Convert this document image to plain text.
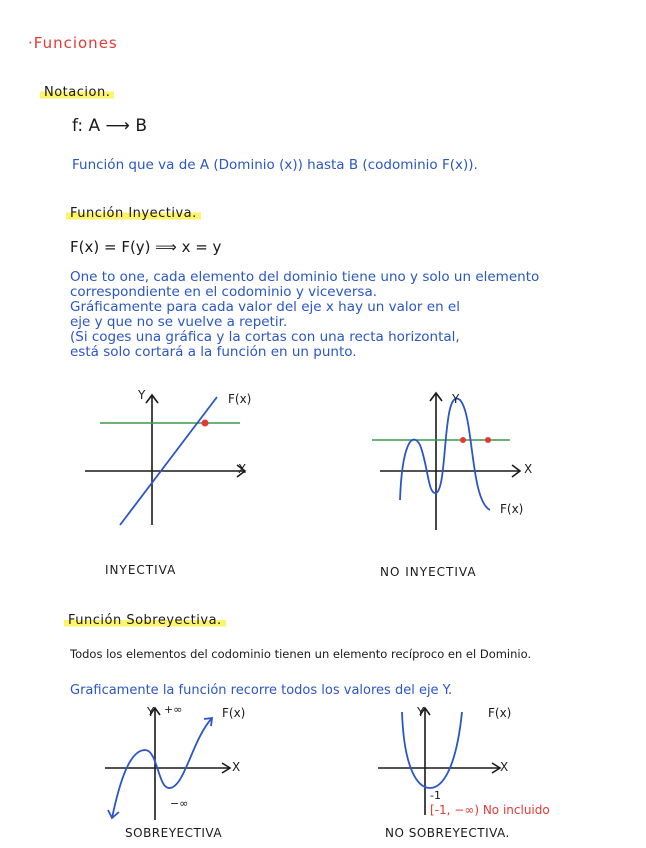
·Funciones
Notacion.
f: A ⟶ B
Función que va de A (Dominio (x)) hasta B (codominio F(x)).
Función Inyectiva.
F(x) = F(y) ⟹ x = y
One to one, cada elemento del dominio tiene uno y solo un elemento
correspondiente en el codominio y viceversa.
Gráficamente para cada valor del eje x hay un valor en el
eje y que no se vuelve a repetir.
(Si coges una gráfica y la cortas con una recta horizontal,
está solo cortará a la función en un punto.
Y	F(x)
X
INYECTIVA
Y
X
F(x)
NO INYECTIVA
Función Sobreyectiva.
Todos los elementos del codominio tienen un elemento recíproco en el Dominio.
Graficamente la función recorre todos los valores del eje Y.
Y +∞	F(x)
X
−∞
SOBREYECTIVA
Y	F(x)
X
-1
[-1, −∞) No incluido
NO SOBREYECTIVA.
